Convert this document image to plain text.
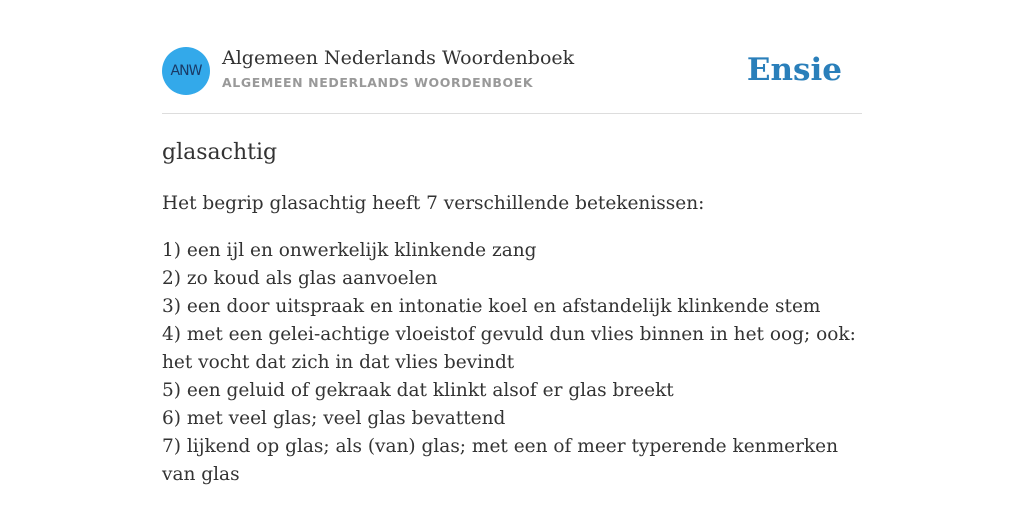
ANW
Algemeen Nederlands Woordenboek
ALGEMEEN NEDERLANDS WOORDENBOEK	Ensie
glasachtig
Het begrip glasachtig heeft 7 verschillende betekenissen:
1) een ijl en onwerkelijk klinkende zang
2) zo koud als glas aanvoelen
3) een door uitspraak en intonatie koel en afstandelijk klinkende stem
4) met een gelei-achtige vloeistof gevuld dun vlies binnen in het oog; ook: het vocht dat zich in dat vlies bevindt
5) een geluid of gekraak dat klinkt alsof er glas breekt
6) met veel glas; veel glas bevattend
7) lijkend op glas; als (van) glas; met een of meer typerende kenmerken van glas
